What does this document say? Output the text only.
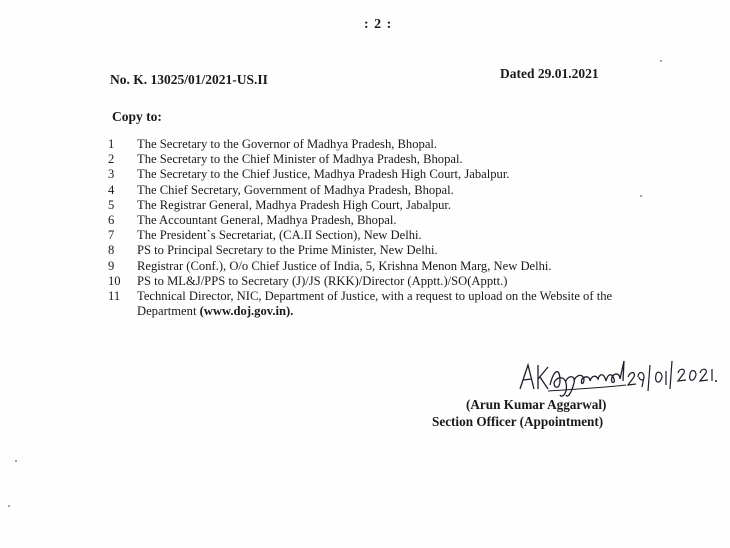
: 2 :
No. K. 13025/01/2021-US.II	Dated 29.01.2021
Copy to:
1 The Secretary to the Governor of Madhya Pradesh, Bhopal.
2 The Secretary to the Chief Minister of Madhya Pradesh, Bhopal.
3 The Secretary to the Chief Justice, Madhya Pradesh High Court, Jabalpur.
4 The Chief Secretary, Government of Madhya Pradesh, Bhopal.
5 The Registrar General, Madhya Pradesh High Court, Jabalpur.
6 The Accountant General, Madhya Pradesh, Bhopal.
7 The President`s Secretariat, (CA.II Section), New Delhi.
8 PS to Principal Secretary to the Prime Minister, New Delhi.
9 Registrar (Conf.), O/o Chief Justice of India, 5, Krishna Menon Marg, New Delhi.
10 PS to ML&J/PPS to Secretary (J)/JS (RKK)/Director (Apptt.)/SO(Apptt.)
11 Technical Director, NIC, Department of Justice, with a request to upload on the Website of the Department (www.doj.gov.in).
(Arun Kumar Aggarwal)
Section Officer (Appointment)
